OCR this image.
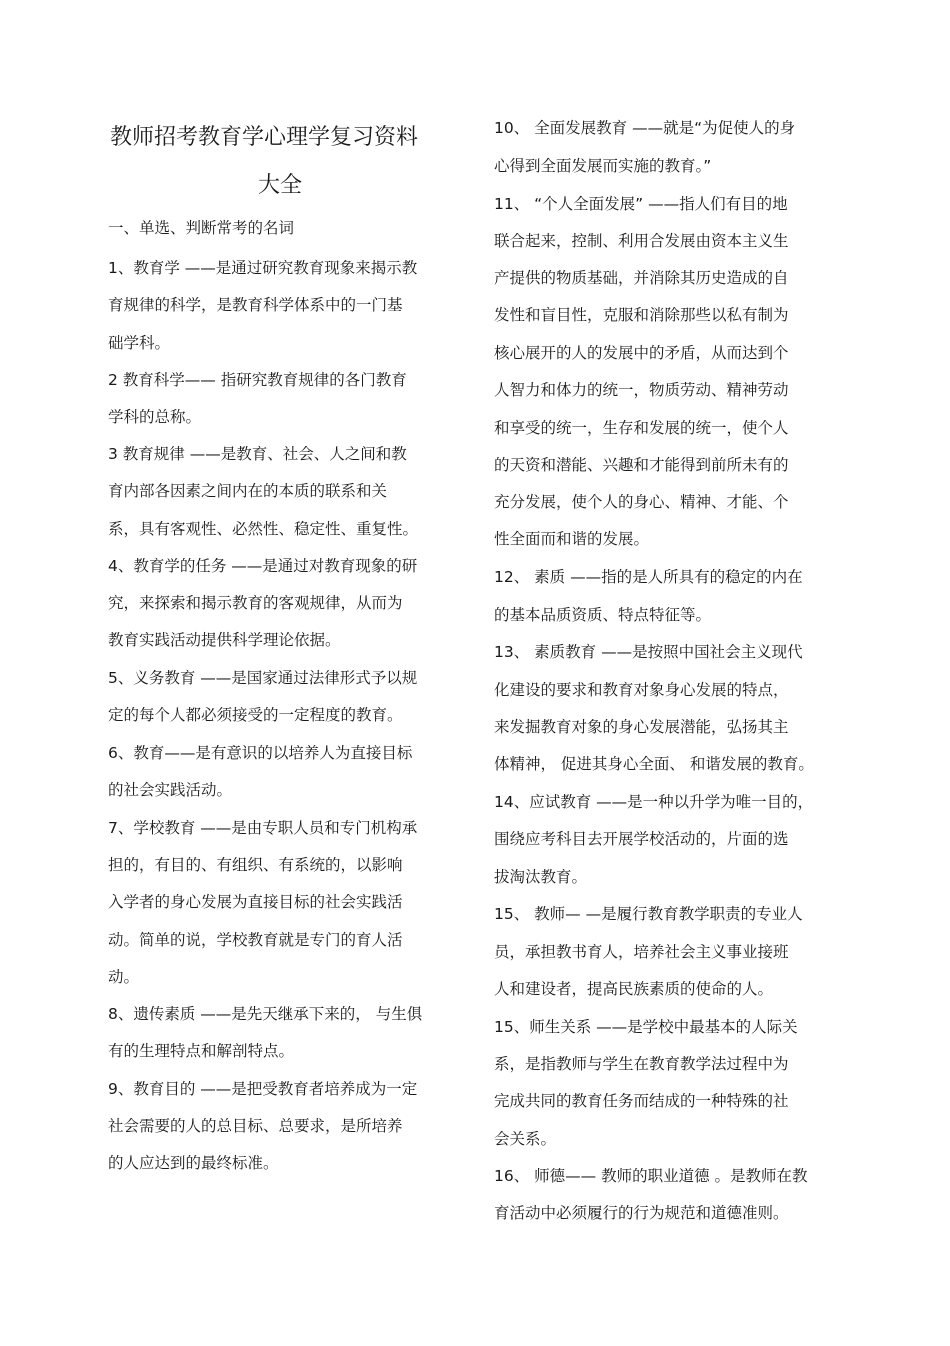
教师招考教育学心理学复习资料
大全
一、单选、判断常考的名词
1、教育学 ——是通过研究教育现象来揭示教
育规律的科学，是教育科学体系中的一门基
础学科。
2 教育科学—— 指研究教育规律的各门教育
学科的总称。
3 教育规律 ——是教育、社会、人之间和教
育内部各因素之间内在的本质的联系和关
系，具有客观性、必然性、稳定性、重复性。
4、教育学的任务 ——是通过对教育现象的研
究，来探索和揭示教育的客观规律，从而为
教育实践活动提供科学理论依据。
5、义务教育 ——是国家通过法律形式予以规
定的每个人都必须接受的一定程度的教育。
6、教育——是有意识的以培养人为直接目标
的社会实践活动。
7、学校教育 ——是由专职人员和专门机构承
担的，有目的、有组织、有系统的，以影响
入学者的身心发展为直接目标的社会实践活
动。简单的说，学校教育就是专门的育人活
动。
8、遗传素质 ——是先天继承下来的， 与生俱
有的生理特点和解剖特点。
9、教育目的 ——是把受教育者培养成为一定
社会需要的人的总目标、总要求，是所培养
的人应达到的最终标准。
10、 全面发展教育 ——就是“为促使人的身
心得到全面发展而实施的教育。”
11、 “个人全面发展” ——指人们有目的地
联合起来，控制、利用合发展由资本主义生
产提供的物质基础，并消除其历史造成的自
发性和盲目性，克服和消除那些以私有制为
核心展开的人的发展中的矛盾，从而达到个
人智力和体力的统一，物质劳动、精神劳动
和享受的统一，生存和发展的统一，使个人
的天资和潜能、兴趣和才能得到前所未有的
充分发展，使个人的身心、精神、才能、个
性全面而和谐的发展。
12、 素质 ——指的是人所具有的稳定的内在
的基本品质资质、特点特征等。
13、 素质教育 ——是按照中国社会主义现代
化建设的要求和教育对象身心发展的特点，
来发掘教育对象的身心发展潜能，弘扬其主
体精神， 促进其身心全面、 和谐发展的教育。
14、应试教育 ——是一种以升学为唯一目的，
围绕应考科目去开展学校活动的，片面的选
拔淘汰教育。
15、 教师— —是履行教育教学职责的专业人
员，承担教书育人，培养社会主义事业接班
人和建设者，提高民族素质的使命的人。
15、师生关系 ——是学校中最基本的人际关
系，是指教师与学生在教育教学法过程中为
完成共同的教育任务而结成的一种特殊的社
会关系。
16、 师德—— 教师的职业道德 。是教师在教
育活动中必须履行的行为规范和道德准则。
